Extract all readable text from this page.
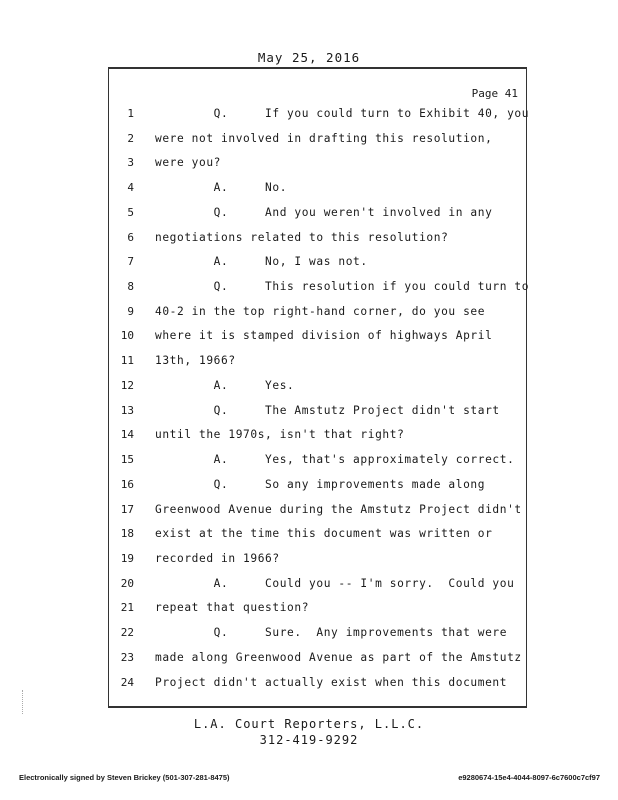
May 25, 2016
Page 41
1 Q.     If you could turn to Exhibit 40, you
2 were not involved in drafting this resolution,
3 were you?
4 A.     No.
5 Q.     And you weren't involved in any
6 negotiations related to this resolution?
7 A.     No, I was not.
8 Q.     This resolution if you could turn to
9 40-2 in the top right-hand corner, do you see
10 where it is stamped division of highways April
11 13th, 1966?
12 A.     Yes.
13 Q.     The Amstutz Project didn't start
14 until the 1970s, isn't that right?
15 A.     Yes, that's approximately correct.
16 Q.     So any improvements made along
17 Greenwood Avenue during the Amstutz Project didn't
18 exist at the time this document was written or
19 recorded in 1966?
20 A.     Could you -- I'm sorry.  Could you
21 repeat that question?
22 Q.     Sure.  Any improvements that were
23 made along Greenwood Avenue as part of the Amstutz
24 Project didn't actually exist when this document
L.A. Court Reporters, L.L.C.
312-419-9292
Electronically signed by Steven Brickey (501-307-281-8475)	e9280674-15e4-4044-8097-6c7600c7cf97
